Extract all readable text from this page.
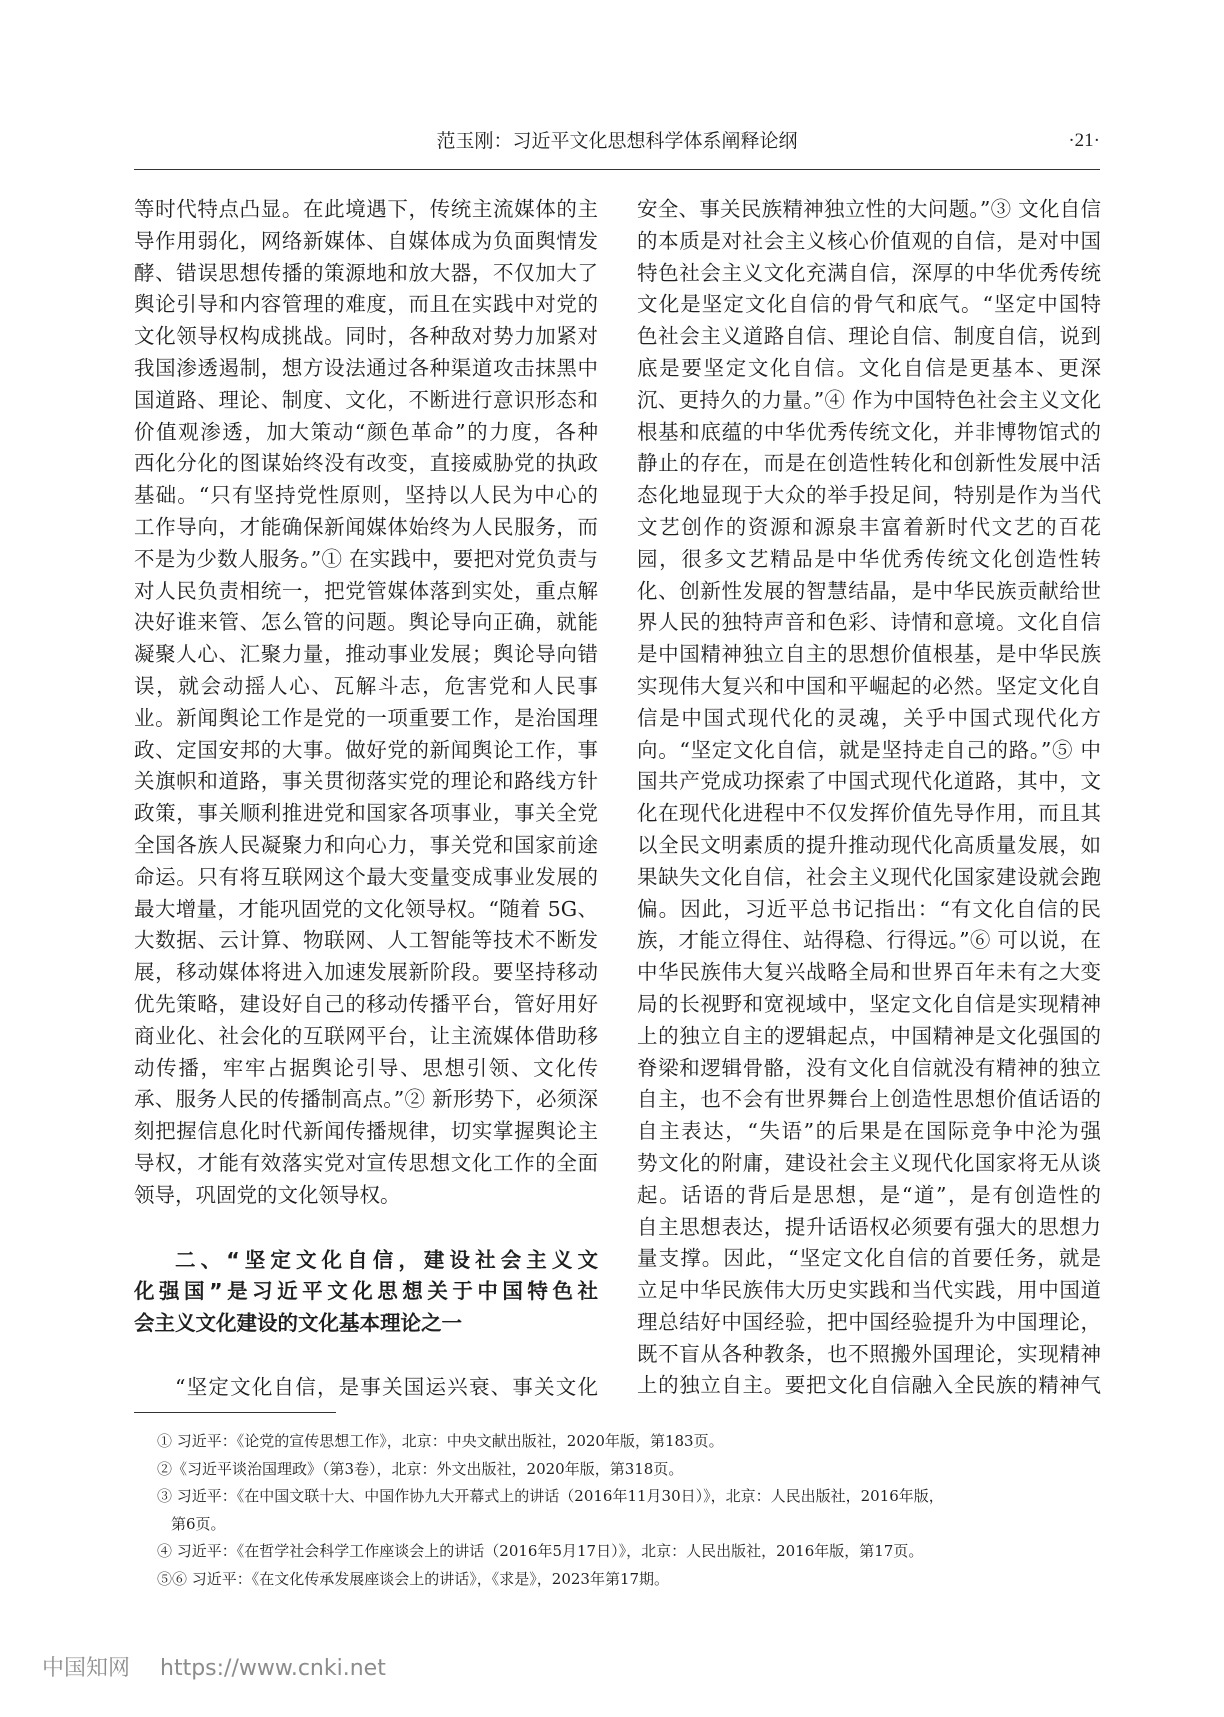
范玉刚：习近平文化思想科学体系阐释论纲	·21·
等时代特点凸显。在此境遇下，传统主流媒体的主
导作用弱化，网络新媒体、自媒体成为负面舆情发
酵、错误思想传播的策源地和放大器，不仅加大了
舆论引导和内容管理的难度，而且在实践中对党的
文化领导权构成挑战。同时，各种敌对势力加紧对
我国渗透遏制，想方设法通过各种渠道攻击抹黑中
国道路、理论、制度、文化，不断进行意识形态和
价值观渗透，加大策动“颜色革命”的力度，各种
西化分化的图谋始终没有改变，直接威胁党的执政
基础。“只有坚持党性原则，坚持以人民为中心的
工作导向，才能确保新闻媒体始终为人民服务，而
不是为少数人服务。”① 在实践中，要把对党负责与
对人民负责相统一，把党管媒体落到实处，重点解
决好谁来管、怎么管的问题。舆论导向正确，就能
凝聚人心、汇聚力量，推动事业发展；舆论导向错
误，就会动摇人心、瓦解斗志，危害党和人民事
业。新闻舆论工作是党的一项重要工作，是治国理
政、定国安邦的大事。做好党的新闻舆论工作，事
关旗帜和道路，事关贯彻落实党的理论和路线方针
政策，事关顺利推进党和国家各项事业，事关全党
全国各族人民凝聚力和向心力，事关党和国家前途
命运。只有将互联网这个最大变量变成事业发展的
最大增量，才能巩固党的文化领导权。“随着 5G、
大数据、云计算、物联网、人工智能等技术不断发
展，移动媒体将进入加速发展新阶段。要坚持移动
优先策略，建设好自己的移动传播平台，管好用好
商业化、社会化的互联网平台，让主流媒体借助移
动传播，牢牢占据舆论引导、思想引领、文化传
承、服务人民的传播制高点。”② 新形势下，必须深
刻把握信息化时代新闻传播规律，切实掌握舆论主
导权，才能有效落实党对宣传思想文化工作的全面
领导，巩固党的文化领导权。
二、“坚定文化自信，建设社会主义文
化强国”是习近平文化思想关于中国特色社
会主义文化建设的文化基本理论之一
“坚定文化自信，是事关国运兴衰、事关文化
安全、事关民族精神独立性的大问题。”③ 文化自信
的本质是对社会主义核心价值观的自信，是对中国
特色社会主义文化充满自信，深厚的中华优秀传统
文化是坚定文化自信的骨气和底气。“坚定中国特
色社会主义道路自信、理论自信、制度自信，说到
底是要坚定文化自信。文化自信是更基本、更深
沉、更持久的力量。”④ 作为中国特色社会主义文化
根基和底蕴的中华优秀传统文化，并非博物馆式的
静止的存在，而是在创造性转化和创新性发展中活
态化地显现于大众的举手投足间，特别是作为当代
文艺创作的资源和源泉丰富着新时代文艺的百花
园，很多文艺精品是中华优秀传统文化创造性转
化、创新性发展的智慧结晶，是中华民族贡献给世
界人民的独特声音和色彩、诗情和意境。文化自信
是中国精神独立自主的思想价值根基，是中华民族
实现伟大复兴和中国和平崛起的必然。坚定文化自
信是中国式现代化的灵魂，关乎中国式现代化方
向。“坚定文化自信，就是坚持走自己的路。”⑤ 中
国共产党成功探索了中国式现代化道路，其中，文
化在现代化进程中不仅发挥价值先导作用，而且其
以全民文明素质的提升推动现代化高质量发展，如
果缺失文化自信，社会主义现代化国家建设就会跑
偏。因此，习近平总书记指出：“有文化自信的民
族，才能立得住、站得稳、行得远。”⑥ 可以说，在
中华民族伟大复兴战略全局和世界百年未有之大变
局的长视野和宽视域中，坚定文化自信是实现精神
上的独立自主的逻辑起点，中国精神是文化强国的
脊梁和逻辑骨骼，没有文化自信就没有精神的独立
自主，也不会有世界舞台上创造性思想价值话语的
自主表达，“失语”的后果是在国际竞争中沦为强
势文化的附庸，建设社会主义现代化国家将无从谈
起。话语的背后是思想，是“道”，是有创造性的
自主思想表达，提升话语权必须要有强大的思想力
量支撑。因此，“坚定文化自信的首要任务，就是
立足中华民族伟大历史实践和当代实践，用中国道
理总结好中国经验，把中国经验提升为中国理论，
既不盲从各种教条，也不照搬外国理论，实现精神
上的独立自主。要把文化自信融入全民族的精神气
① 习近平：《论党的宣传思想工作》，北京：中央文献出版社，2020年版，第183页。
②《习近平谈治国理政》（第3卷），北京：外文出版社，2020年版，第318页。
③ 习近平：《在中国文联十大、中国作协九大开幕式上的讲话（2016年11月30日）》，北京：人民出版社，2016年版，
第6页。
④ 习近平：《在哲学社会科学工作座谈会上的讲话（2016年5月17日）》，北京：人民出版社，2016年版，第17页。
⑤⑥ 习近平：《在文化传承发展座谈会上的讲话》，《求是》，2023年第17期。
中国知网 https://www.cnki.net
